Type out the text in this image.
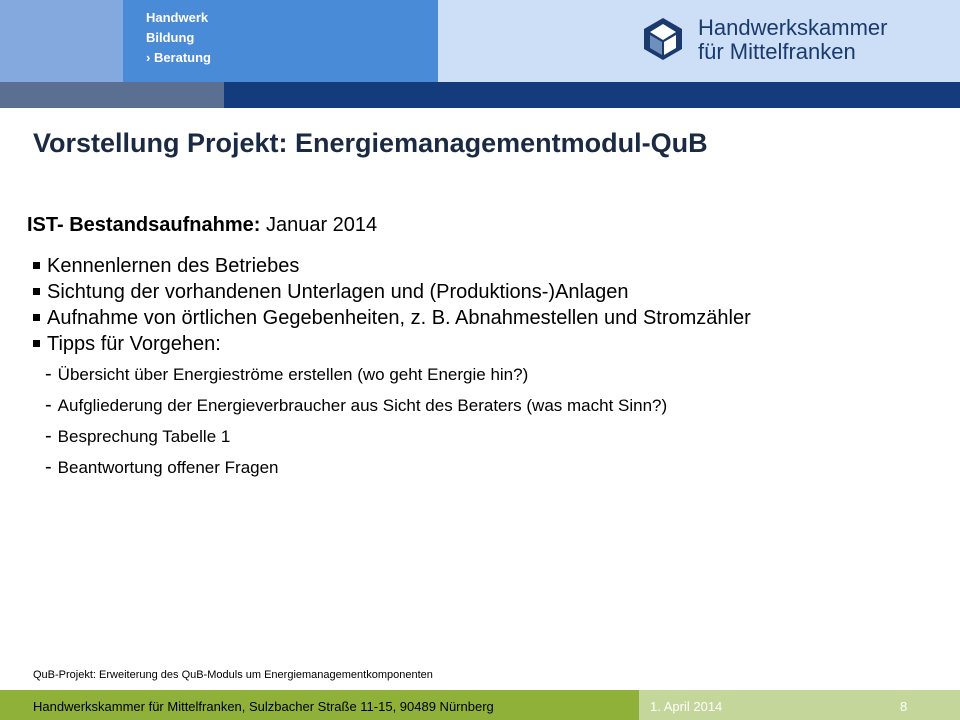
Handwerk
Bildung
› Beratung
Handwerkskammer
für Mittelfranken
Vorstellung Projekt: Energiemanagementmodul-QuB

IST- Bestandsaufnahme: Januar 2014

Kennenlernen des Betriebes
Sichtung der vorhandenen Unterlagen und (Produktions-)Anlagen
Aufnahme von örtlichen Gegebenheiten, z. B. Abnahmestellen und Stromzähler
Tipps für Vorgehen:
- Übersicht über Energieströme erstellen (wo geht Energie hin?)
- Aufgliederung der Energieverbraucher aus Sicht des Beraters (was macht Sinn?)
- Besprechung Tabelle 1
- Beantwortung offener Fragen
QuB-Projekt: Erweiterung des QuB-Moduls um Energiemanagementkomponenten
Handwerkskammer für Mittelfranken, Sulzbacher Straße 11-15, 90489 Nürnberg	1. April 2014	8
